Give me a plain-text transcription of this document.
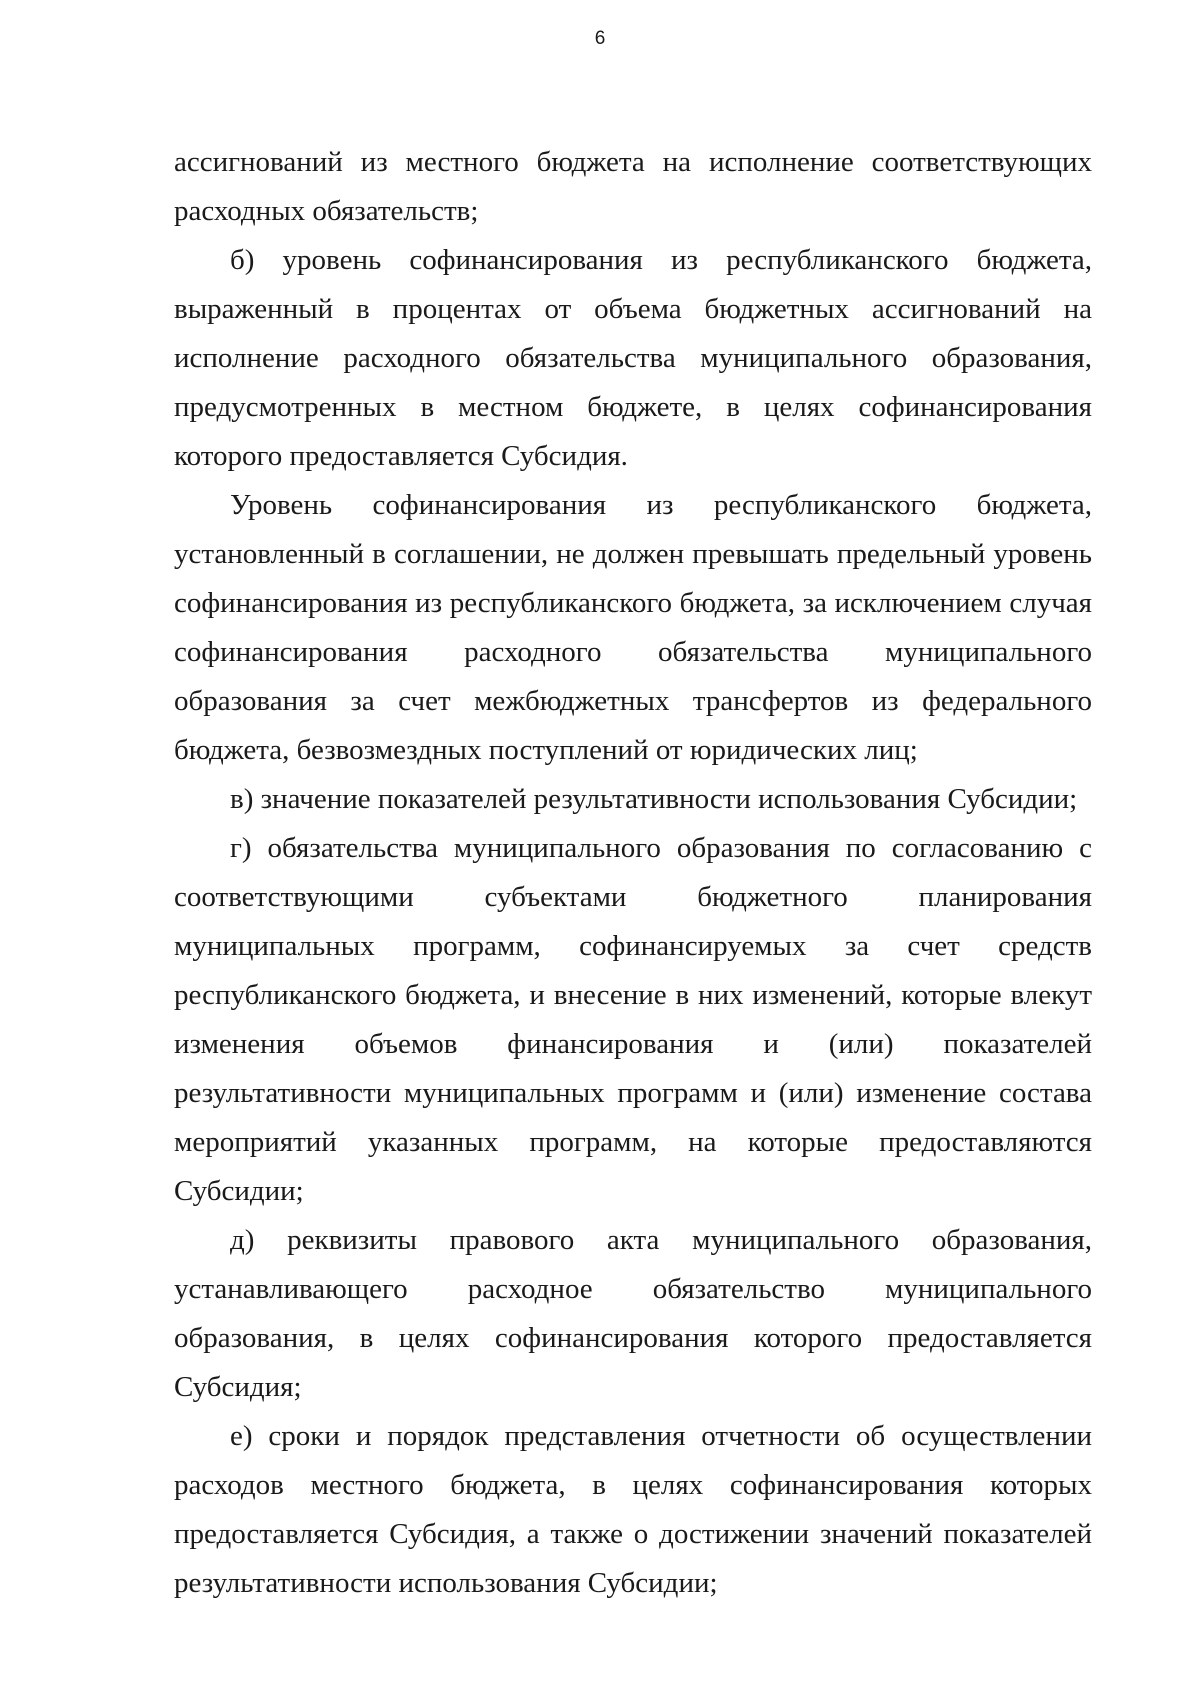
6

ассигнований из местного бюджета на исполнение соответствующих расходных обязательств;

б) уровень софинансирования из республиканского бюджета, выраженный в процентах от объема бюджетных ассигнований на исполнение расходного обязательства муниципального образования, предусмотренных в местном бюджете, в целях софинансирования которого предоставляется Субсидия.

Уровень софинансирования из республиканского бюджета, установленный в соглашении, не должен превышать предельный уровень софинансирования из республиканского бюджета, за исключением случая софинансирования расходного обязательства муниципального образования за счет межбюджетных трансфертов из федерального бюджета, безвозмездных поступлений от юридических лиц;

в) значение показателей результативности использования Субсидии;

г) обязательства муниципального образования по согласованию с соответствующими субъектами бюджетного планирования муниципальных программ, софинансируемых за счет средств республиканского бюджета, и внесение в них изменений, которые влекут изменения объемов финансирования и (или) показателей результативности муниципальных программ и (или) изменение состава мероприятий указанных программ, на которые предоставляются Субсидии;

д) реквизиты правового акта муниципального образования, устанавливающего расходное обязательство муниципального образования, в целях софинансирования которого предоставляется Субсидия;

е) сроки и порядок представления отчетности об осуществлении расходов местного бюджета, в целях софинансирования которых предоставляется Субсидия, а также о достижении значений показателей результативности использования Субсидии;
